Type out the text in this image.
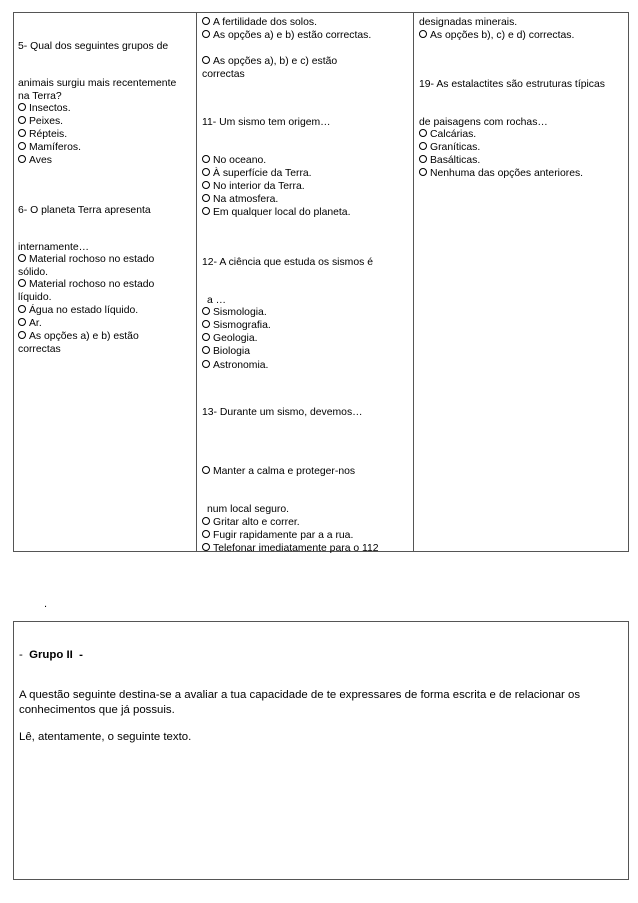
5- Qual dos seguintes grupos de
animais surgiu mais recentemente
na Terra?
Insectos.
Peixes.
Répteis.
Mamíferos.
Aves
6- O planeta Terra apresenta
internamente…
Material rochoso no estado
sólido.
Material rochoso no estado
líquido.
Água no estado líquido.
Ar.
As opções a) e b) estão
correctas
A fertilidade dos solos.
As opções a) e b) estão correctas.
As opções a), b) e c) estão
correctas
11- Um sismo tem origem…
No oceano.
À superfície da Terra.
No interior da Terra.
Na atmosfera.
Em qualquer local do planeta.
12- A ciência que estuda os sismos é
a …
Sismologia.
Sismografia.
Geologia.
Biologia
Astronomia.
13- Durante um sismo, devemos…
Manter a calma e proteger-nos
num local seguro.
Gritar alto e correr.
Fugir rapidamente par a a rua.
Telefonar imediatamente para o 112
designadas minerais.
As opções b), c) e d) correctas.
19- As estalactites são estruturas típicas
de paisagens com rochas…
Calcárias.
Graníticas.
Basálticas.
Nenhuma das opções anteriores.
.
- Grupo II -
A questão seguinte destina-se a avaliar a tua capacidade de te expressares de forma escrita e de relacionar os
conhecimentos que já possuis.
Lê, atentamente, o seguinte texto.
